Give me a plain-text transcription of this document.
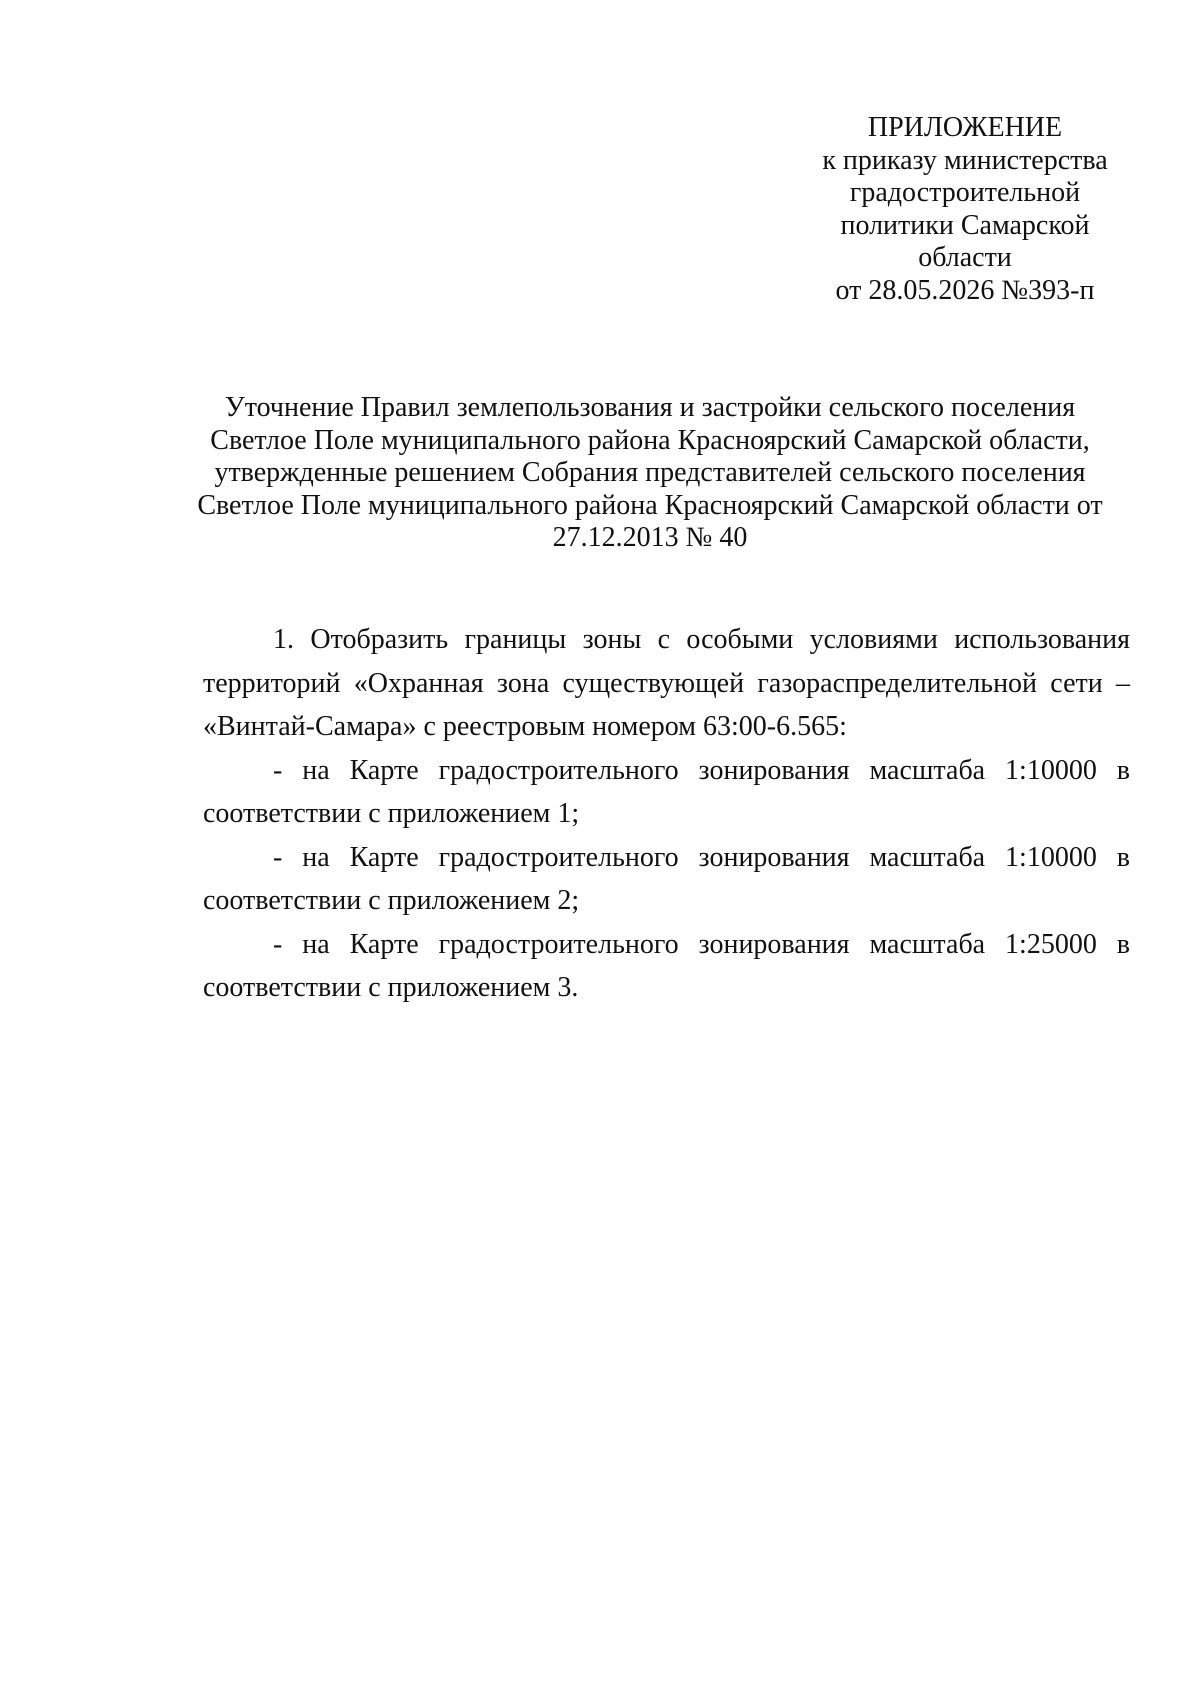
ПРИЛОЖЕНИЕ
к приказу министерства
градостроительной
политики Самарской
области
от 28.05.2026 №393-п
Уточнение Правил землепользования и застройки сельского поселения
Светлое Поле муниципального района Красноярский Самарской области,
утвержденные решением Собрания представителей сельского поселения
Светлое Поле муниципального района Красноярский Самарской области от
27.12.2013 № 40

1. Отобразить границы зоны с особыми условиями использования территорий «Охранная зона существующей газораспределительной сети – «Винтай-Самара» с реестровым номером 63:00-6.565:

- на Карте градостроительного зонирования масштаба 1:10000 в соответствии с приложением 1;

- на Карте градостроительного зонирования масштаба 1:10000 в соответствии с приложением 2;

- на Карте градостроительного зонирования масштаба 1:25000 в соответствии с приложением 3.
